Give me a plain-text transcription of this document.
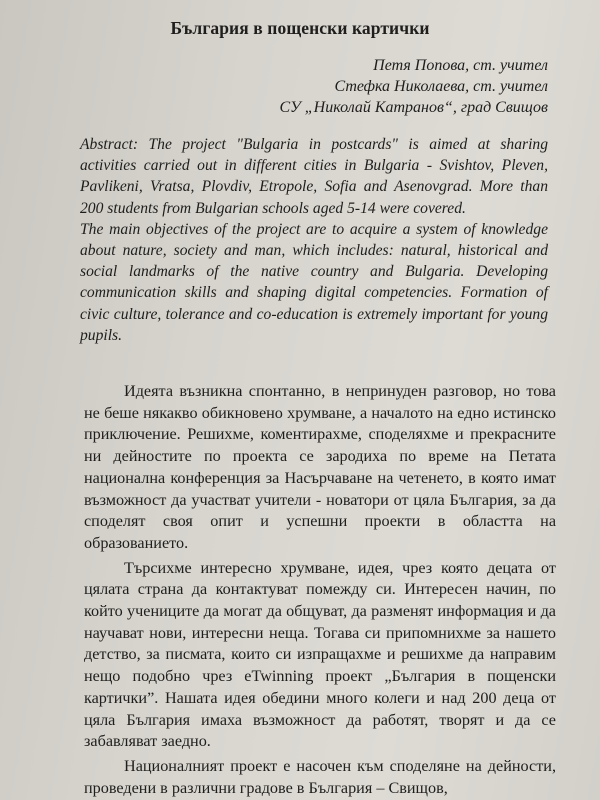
България в пощенски картички
Петя Попова, ст. учител
Стефка Николаева, ст. учител
СУ „Николай Катранов“, град Свищов

Abstract: The project "Bulgaria in postcards" is aimed at sharing activities carried out in different cities in Bulgaria - Svishtov, Pleven, Pavlikeni, Vratsa, Plovdiv, Etropole, Sofia and Asenovgrad. More than 200 students from Bulgarian schools aged 5-14 were covered.

The main objectives of the project are to acquire a system of knowledge about nature, society and man, which includes: natural, historical and social landmarks of the native country and Bulgaria. Developing communication skills and shaping digital competencies. Formation of civic culture, tolerance and co-education is extremely important for young pupils.

Идеята възникна спонтанно, в непринуден разговор, но това не беше някакво обикновено хрумване, а началото на едно истинско приключение. Решихме, коментирахме, споделяхме и прекрасните ни дейностите по проекта се зародиха по време на Петата национална конференция за Насърчаване на четенето, в която имат възможност да участват учители - новатори от цяла България, за да споделят своя опит и успешни проекти в областта на образованието.

Търсихме интересно хрумване, идея, чрез която децата от цялата страна да контактуват помежду си. Интересен начин, по който учениците да могат да общуват, да разменят информация и да научават нови, интересни неща. Тогава си припомнихме за нашето детство, за писмата, които си изпращахме и решихме да направим нещо подобно чрез eTwinning проект „България в пощенски картички”. Нашата идея обедини много колеги и над 200 деца от цяла България имаха възможност да работят, творят и да се забавляват заедно.

Националният проект е насочен към споделяне на дейности, проведени в различни градове в България – Свищов,
